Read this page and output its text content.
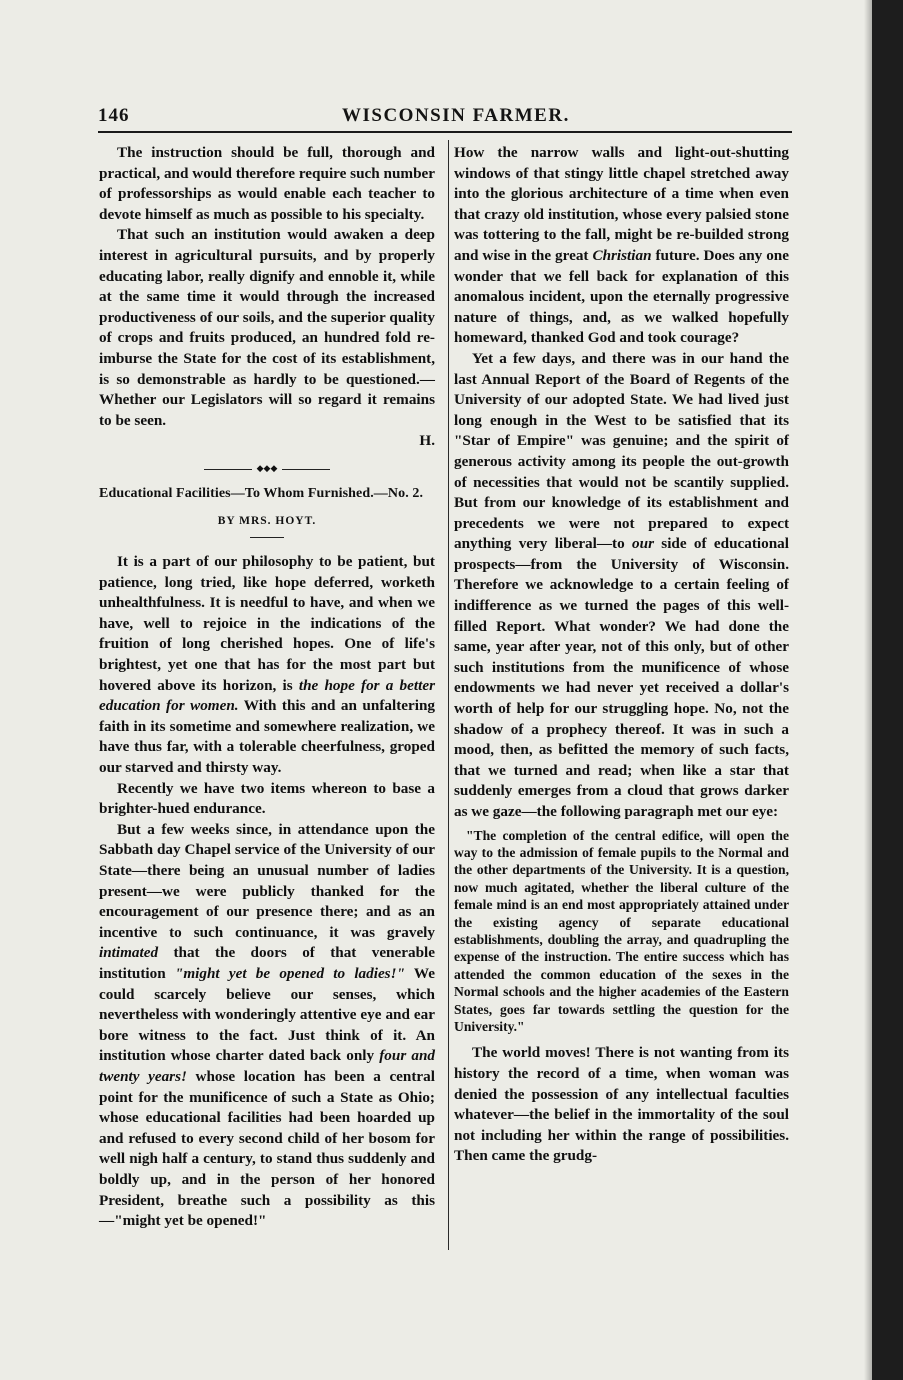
146	WISCONSIN FARMER.

The instruction should be full, thorough and practical, and would therefore require such number of professorships as would enable each teacher to devote himself as much as possible to his specialty.

That such an institution would awaken a deep interest in agricultural pursuits, and by properly educating labor, really dignify and ennoble it, while at the same time it would through the increased productiveness of our soils, and the superior quality of crops and fruits produced, an hundred fold re-imburse the State for the cost of its establishment, is so demonstrable as hardly to be questioned.—Whether our Legislators will so regard it remains to be seen.

H.

◆◆◆
Educational Facilities—To Whom Furnished.—No. 2.
BY MRS. HOYT.

It is a part of our philosophy to be patient, but patience, long tried, like hope deferred, worketh unhealthfulness. It is needful to have, and when we have, well to rejoice in the indications of the fruition of long cherished hopes. One of life's brightest, yet one that has for the most part but hovered above its horizon, is the hope for a better education for women. With this and an unfaltering faith in its sometime and somewhere realization, we have thus far, with a tolerable cheerfulness, groped our starved and thirsty way.

Recently we have two items whereon to base a brighter-hued endurance.

But a few weeks since, in attendance upon the Sabbath day Chapel service of the University of our State—there being an unusual number of ladies present—we were publicly thanked for the encouragement of our presence there; and as an incentive to such continuance, it was gravely intimated that the doors of that venerable institution "might yet be opened to ladies!" We could scarcely believe our senses, which nevertheless with wonderingly attentive eye and ear bore witness to the fact. Just think of it. An institution whose charter dated back only four and twenty years! whose location has been a central point for the munificence of such a State as Ohio; whose educational facilities had been hoarded up and refused to every second child of her bosom for well nigh half a century, to stand thus suddenly and boldly up, and in the person of her honored President, breathe such a possibility as this—"might yet be opened!"

How the narrow walls and light-out-shutting windows of that stingy little chapel stretched away into the glorious architecture of a time when even that crazy old institution, whose every palsied stone was tottering to the fall, might be re-builded strong and wise in the great Christian future. Does any one wonder that we fell back for explanation of this anomalous incident, upon the eternally progressive nature of things, and, as we walked hopefully homeward, thanked God and took courage?

Yet a few days, and there was in our hand the last Annual Report of the Board of Regents of the University of our adopted State. We had lived just long enough in the West to be satisfied that its "Star of Empire" was genuine; and the spirit of generous activity among its people the out-growth of necessities that would not be scantily supplied. But from our knowledge of its establishment and precedents we were not prepared to expect anything very liberal—to our side of educational prospects—from the University of Wisconsin. Therefore we acknowledge to a certain feeling of indifference as we turned the pages of this well-filled Report. What wonder? We had done the same, year after year, not of this only, but of other such institutions from the munificence of whose endowments we had never yet received a dollar's worth of help for our struggling hope. No, not the shadow of a prophecy thereof. It was in such a mood, then, as befitted the memory of such facts, that we turned and read; when like a star that suddenly emerges from a cloud that grows darker as we gaze—the following paragraph met our eye:

"The completion of the central edifice, will open the way to the admission of female pupils to the Normal and the other departments of the University. It is a question, now much agitated, whether the liberal culture of the female mind is an end most appropriately attained under the existing agency of separate educational establishments, doubling the array, and quadrupling the expense of the instruction. The entire success which has attended the common education of the sexes in the Normal schools and the higher academies of the Eastern States, goes far towards settling the question for the University."

The world moves! There is not wanting from its history the record of a time, when woman was denied the possession of any intellectual faculties whatever—the belief in the immortality of the soul not including her within the range of possibilities. Then came the grudg-
